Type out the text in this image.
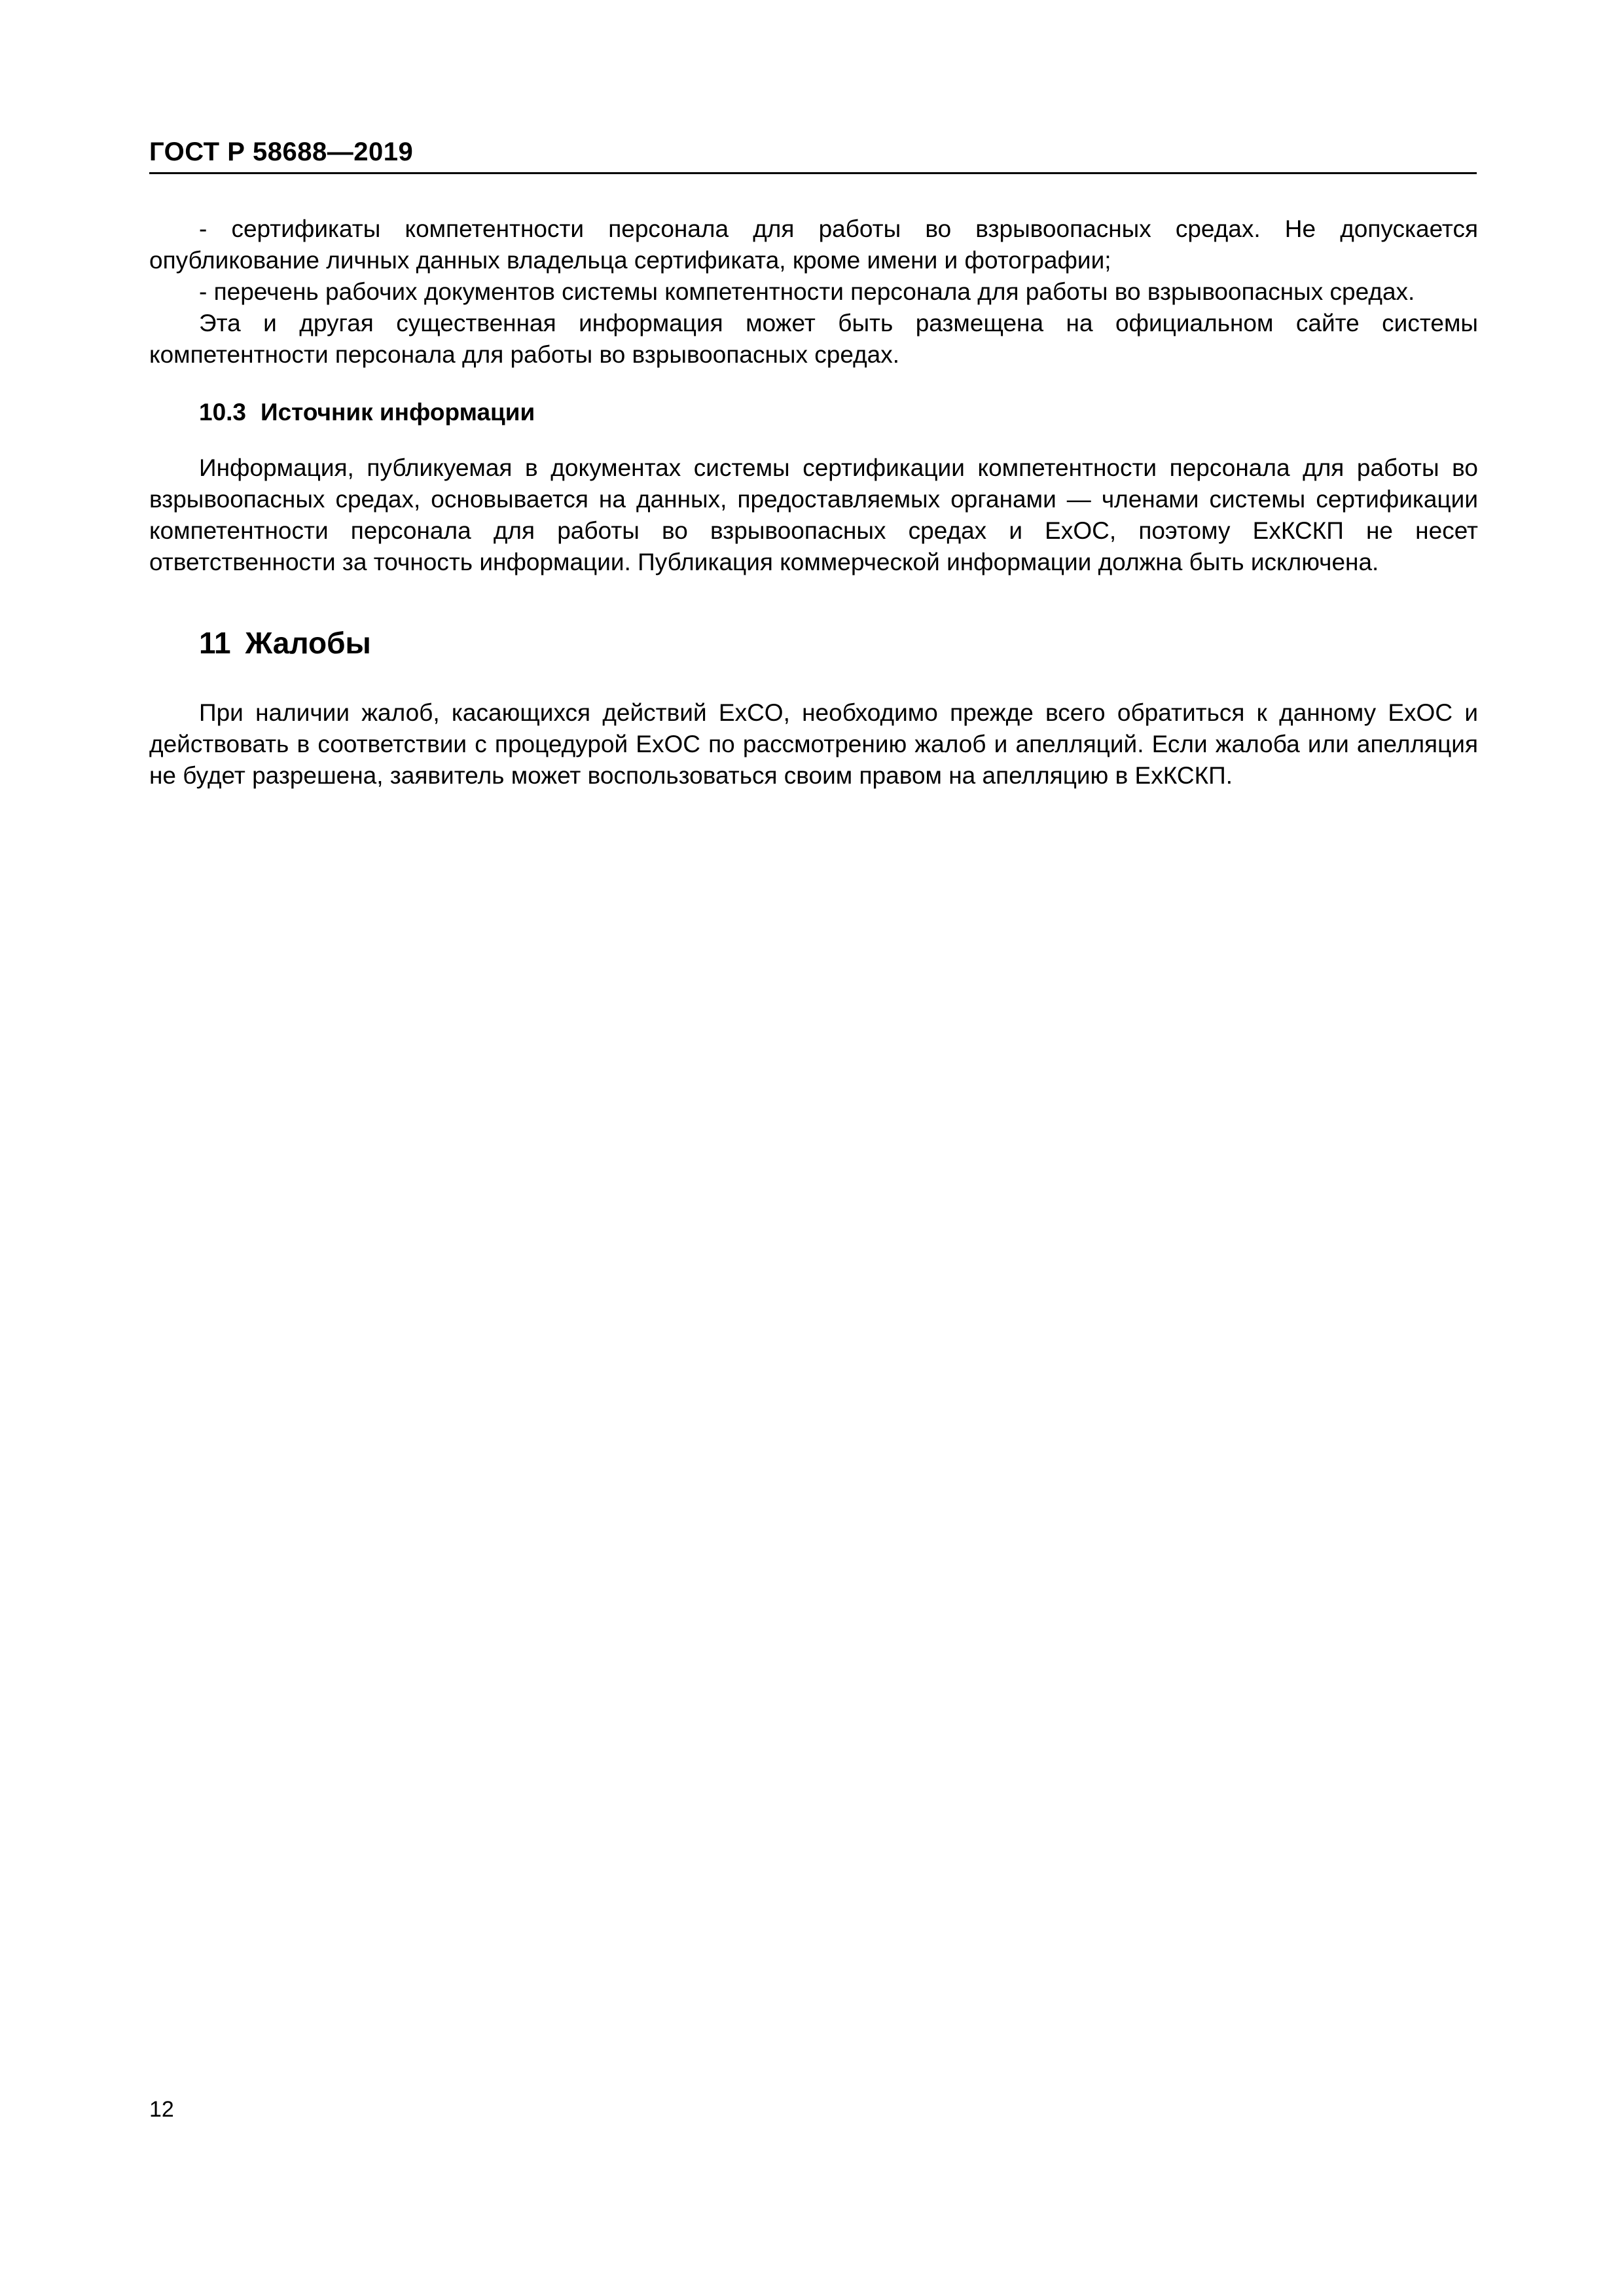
ГОСТ Р 58688—2019

- сертификаты компетентности персонала для работы во взрывоопасных средах. Не допускается опубликование личных данных владельца сертификата, кроме имени и фотографии;

- перечень рабочих документов системы компетентности персонала для работы во взрывоопасных средах.

Эта и другая существенная информация может быть размещена на официальном сайте системы компетентности персонала для работы во взрывоопасных средах.

10.3 Источник информации

Информация, публикуемая в документах системы сертификации компетентности персонала для работы во взрывоопасных средах, основывается на данных, предоставляемых органами — членами системы сертификации компетентности персонала для работы во взрывоопасных средах и ExOC, поэтому ExКСКП не несет ответственности за точность информации. Публикация коммерческой информации должна быть исключена.

11 Жалобы

При наличии жалоб, касающихся действий ExCO, необходимо прежде всего обратиться к данному ExOC и действовать в соответствии с процедурой ExOC по рассмотрению жалоб и апелляций. Если жалоба или апелляция не будет разрешена, заявитель может воспользоваться своим правом на апелляцию в ExКСКП.

12
